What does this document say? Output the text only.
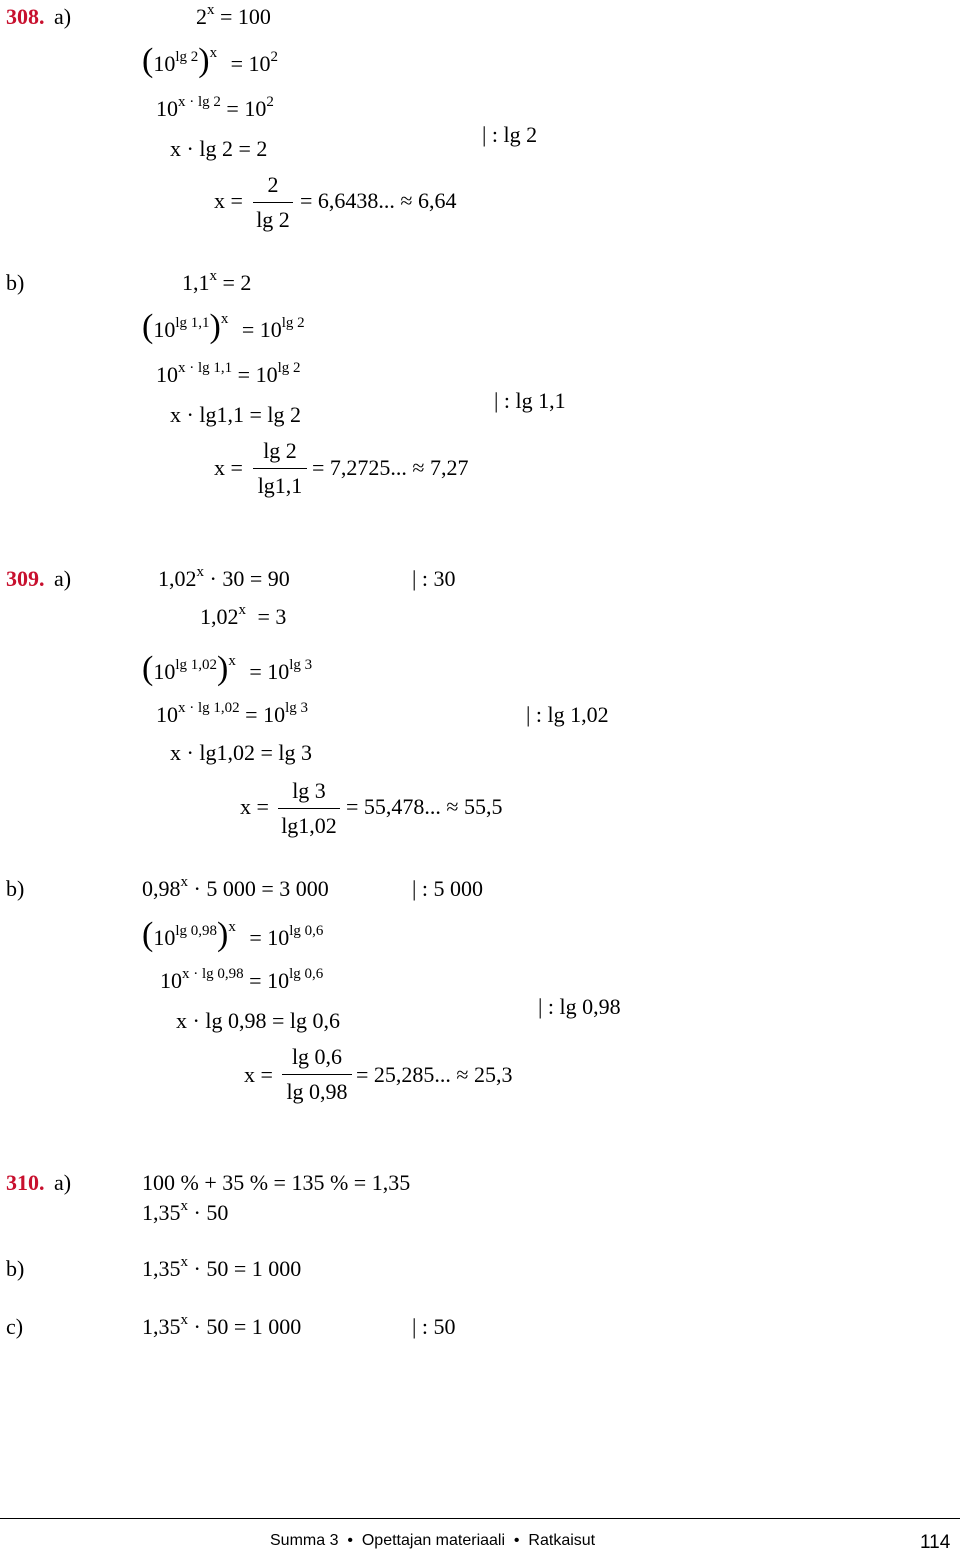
308. a)	$2^x = 100$
$(10^{lg 2})^x = 10^2$
$10^{x \cdot lg 2} = 10^2$
x · lg 2 = 2
| : lg 2
x =
2
lg 2
= 6,6438... ≈ 6,64
b)	$1,1^x = 2$
$(10^{lg 1,1})^x = 10^{lg 2}$
$10^{x \cdot lg 1,1} = 10^{lg 2}$
x · lg1,1 = lg 2
| : lg 1,1
x =
lg 2
lg1,1
= 7,2725... ≈ 7,27
309. a)	$1,02^x \cdot 30 = 90$	| : 30
$1,02^x = 3$
$(10^{lg 1,02})^x = 10^{lg 3}$
$10^{x \cdot lg 1,02} = 10^{lg 3}$	| : lg 1,02
x · lg1,02 = lg 3
x =
lg 3
lg1,02
= 55,478... ≈ 55,5
b)	$0,98^x \cdot 5$ 000 = 3 000	| : 5 000
$(10^{lg 0,98})^x = 10^{lg 0,6}$
$10^{x \cdot lg 0,98} = 10^{lg 0,6}$
| : lg 0,98
x · lg 0,98 = lg 0,6
x =
lg 0,6
lg 0,98
= 25,285... ≈ 25,3
310. a)	100 % + 35 % = 135 % = 1,35
$1,35^x \cdot 50$
b)	$1,35^x \cdot 50 = 1$ 000
c)	$1,35^x \cdot 50 = 1$ 000	| : 50
Summa 3  •  Opettajan materiaali  •  Ratkaisut	114
